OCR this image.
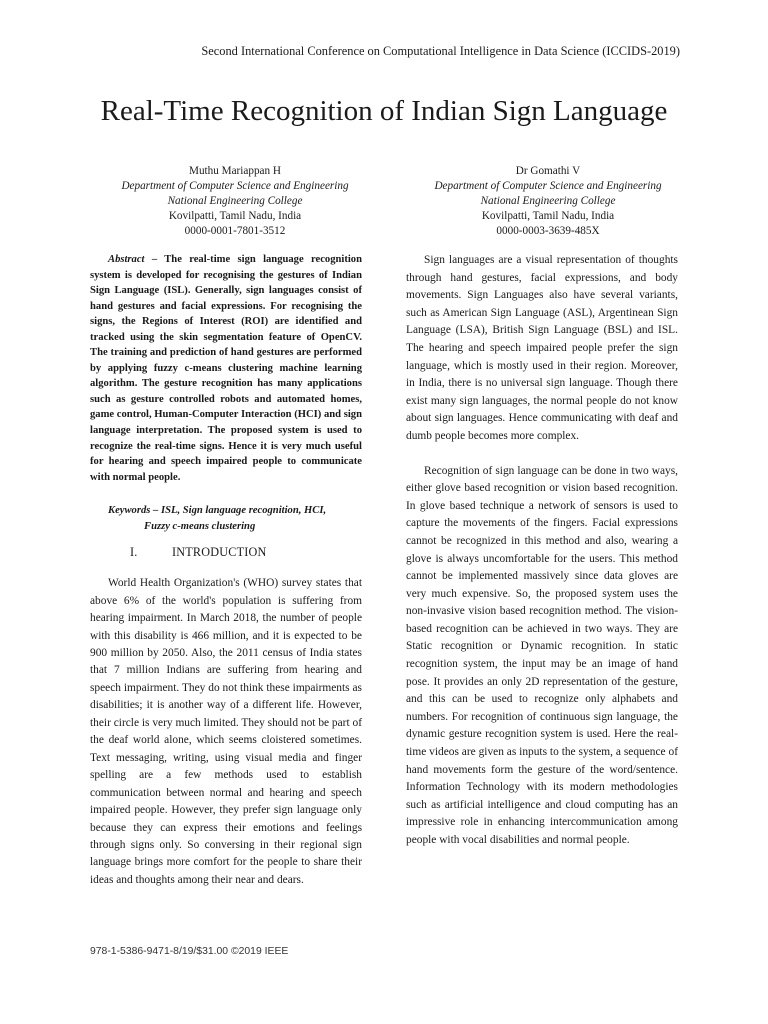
Second International Conference on Computational Intelligence in Data Science (ICCIDS-2019)
Real-Time Recognition of Indian Sign Language
Muthu Mariappan H
Department of Computer Science and Engineering
National Engineering College
Kovilpatti, Tamil Nadu, India
0000-0001-7801-3512
Dr Gomathi V
Department of Computer Science and Engineering
National Engineering College
Kovilpatti, Tamil Nadu, India
0000-0003-3639-485X

Abstract – The real-time sign language recognition system is developed for recognising the gestures of Indian Sign Language (ISL). Generally, sign languages consist of hand gestures and facial expressions. For recognising the signs, the Regions of Interest (ROI) are identified and tracked using the skin segmentation feature of OpenCV. The training and prediction of hand gestures are performed by applying fuzzy c-means clustering machine learning algorithm. The gesture recognition has many applications such as gesture controlled robots and automated homes, game control, Human-Computer Interaction (HCI) and sign language interpretation. The proposed system is used to recognize the real-time signs. Hence it is very much useful for hearing and speech impaired people to communicate with normal people.

Keywords – ISL, Sign language recognition, HCI,
Fuzzy c-means clustering

I.	INTRODUCTION

World Health Organization's (WHO) survey states that above 6% of the world's population is suffering from hearing impairment. In March 2018, the number of people with this disability is 466 million, and it is expected to be 900 million by 2050. Also, the 2011 census of India states that 7 million Indians are suffering from hearing and speech impairment. They do not think these impairments as disabilities; it is another way of a different life. However, their circle is very much limited. They should not be part of the deaf world alone, which seems cloistered sometimes. Text messaging, writing, using visual media and finger spelling are a few methods used to establish communication between normal and hearing and speech impaired people. However, they prefer sign language only because they can express their emotions and feelings through signs only. So conversing in their regional sign language brings more comfort for the people to share their ideas and thoughts among their near and dears.

Sign languages are a visual representation of thoughts through hand gestures, facial expressions, and body movements. Sign Languages also have several variants, such as American Sign Language (ASL), Argentinean Sign Language (LSA), British Sign Language (BSL) and ISL. The hearing and speech impaired people prefer the sign language, which is mostly used in their region. Moreover, in India, there is no universal sign language. Though there exist many sign languages, the normal people do not know about sign languages. Hence communicating with deaf and dumb people becomes more complex.

Recognition of sign language can be done in two ways, either glove based recognition or vision based recognition. In glove based technique a network of sensors is used to capture the movements of the fingers. Facial expressions cannot be recognized in this method and also, wearing a glove is always uncomfortable for the users. This method cannot be implemented massively since data gloves are very much expensive. So, the proposed system uses the non-invasive vision based recognition method. The vision-based recognition can be achieved in two ways. They are Static recognition or Dynamic recognition. In static recognition system, the input may be an image of hand pose. It provides an only 2D representation of the gesture, and this can be used to recognize only alphabets and numbers. For recognition of continuous sign language, the dynamic gesture recognition system is used. Here the real-time videos are given as inputs to the system, a sequence of hand movements form the gesture of the word/sentence. Information Technology with its modern methodologies such as artificial intelligence and cloud computing has an impressive role in enhancing intercommunication among people with vocal disabilities and normal people.

978-1-5386-9471-8/19/$31.00 ©2019 IEEE
